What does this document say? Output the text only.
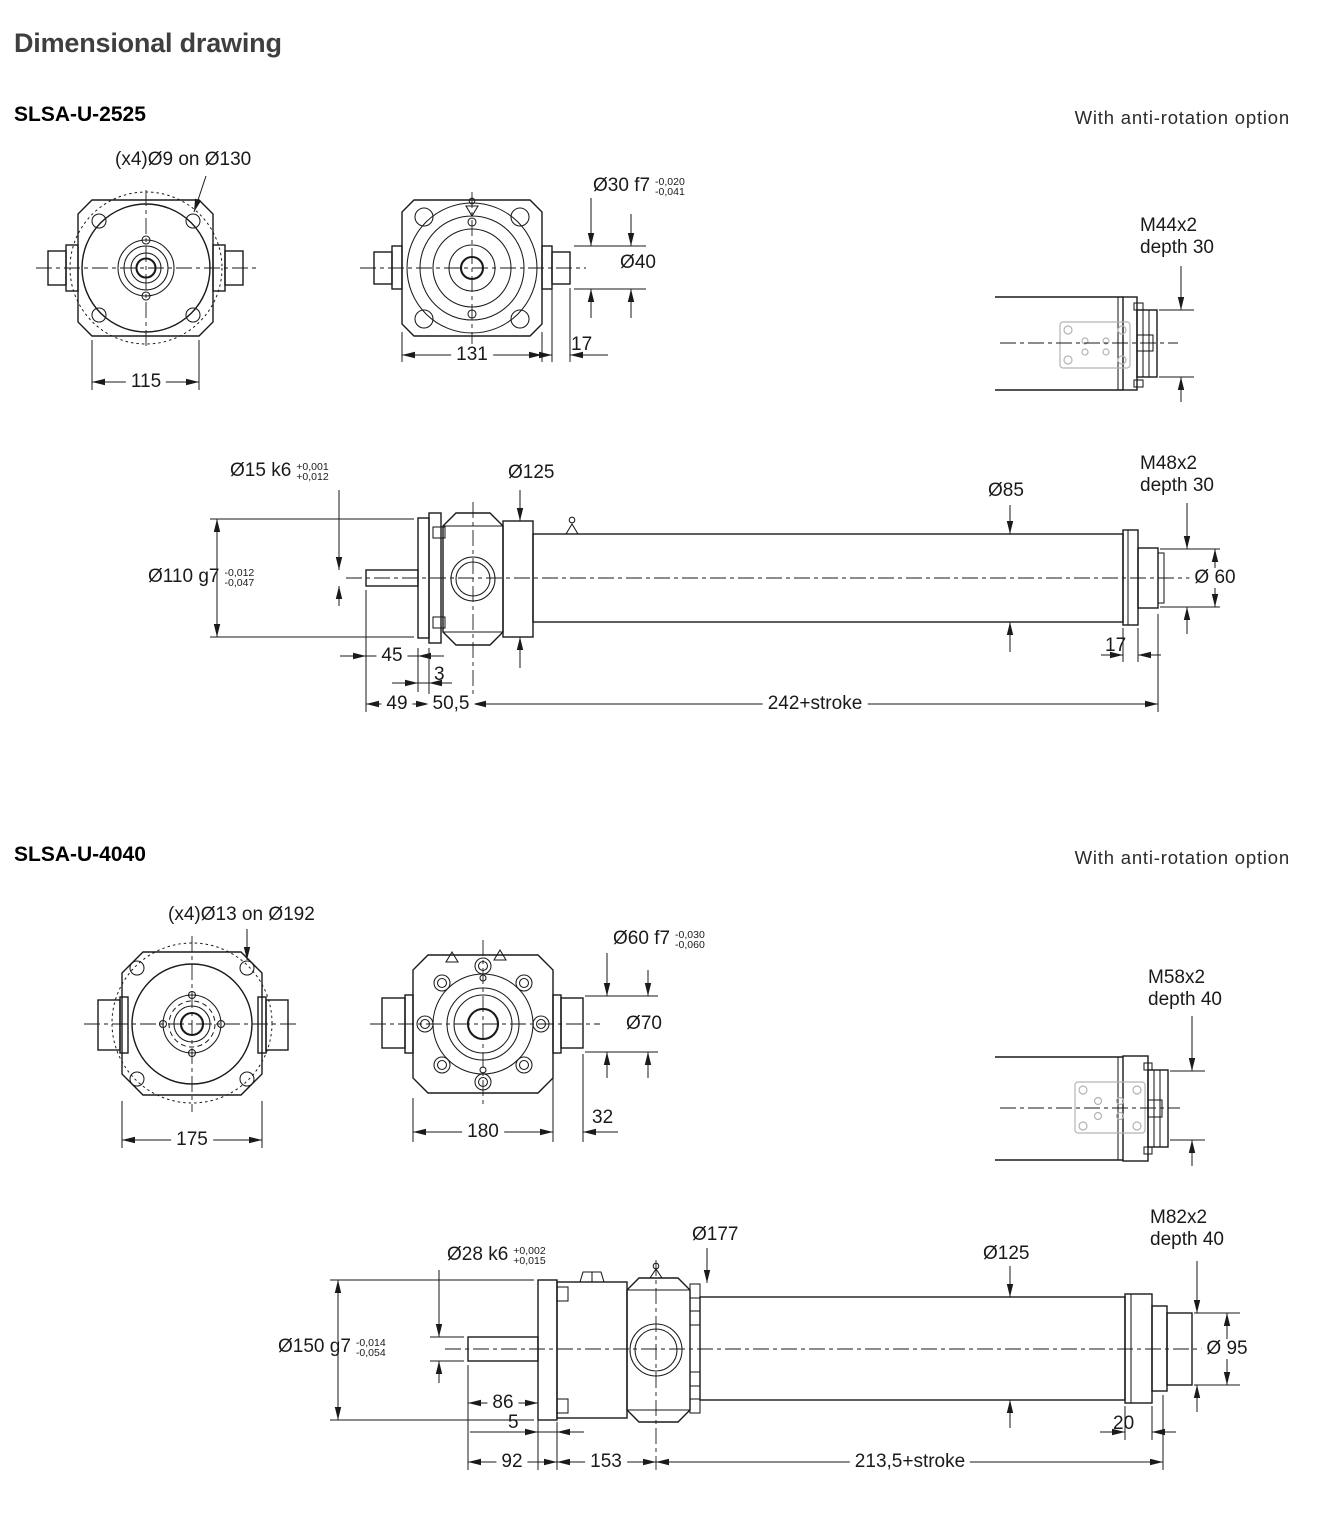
Dimensional drawing
SLSA-U-2525	With anti-rotation option
(x4)Ø9 on Ø130
115
Ø30 f7 -0,020
-0,041
Ø40
131	17
M44x2
depth 30
Ø15 k6 +0,001
+0,012	Ø125
Ø85
M48x2
depth 30
Ø110 g7 -0,012
-0,047	Ø 60
17
45
3
49 50,5	242+stroke
SLSA-U-4040	With anti-rotation option
(x4)Ø13 on Ø192
175
Ø60 f7 -0,030
-0,060
Ø70
180
32
M58x2
depth 40
Ø28 k6 +0,002
+0,015
Ø177
Ø125
M82x2
depth 40
Ø150 g7 -0,014
-0,054	Ø 95
20
86
5
92	153	213,5+stroke
